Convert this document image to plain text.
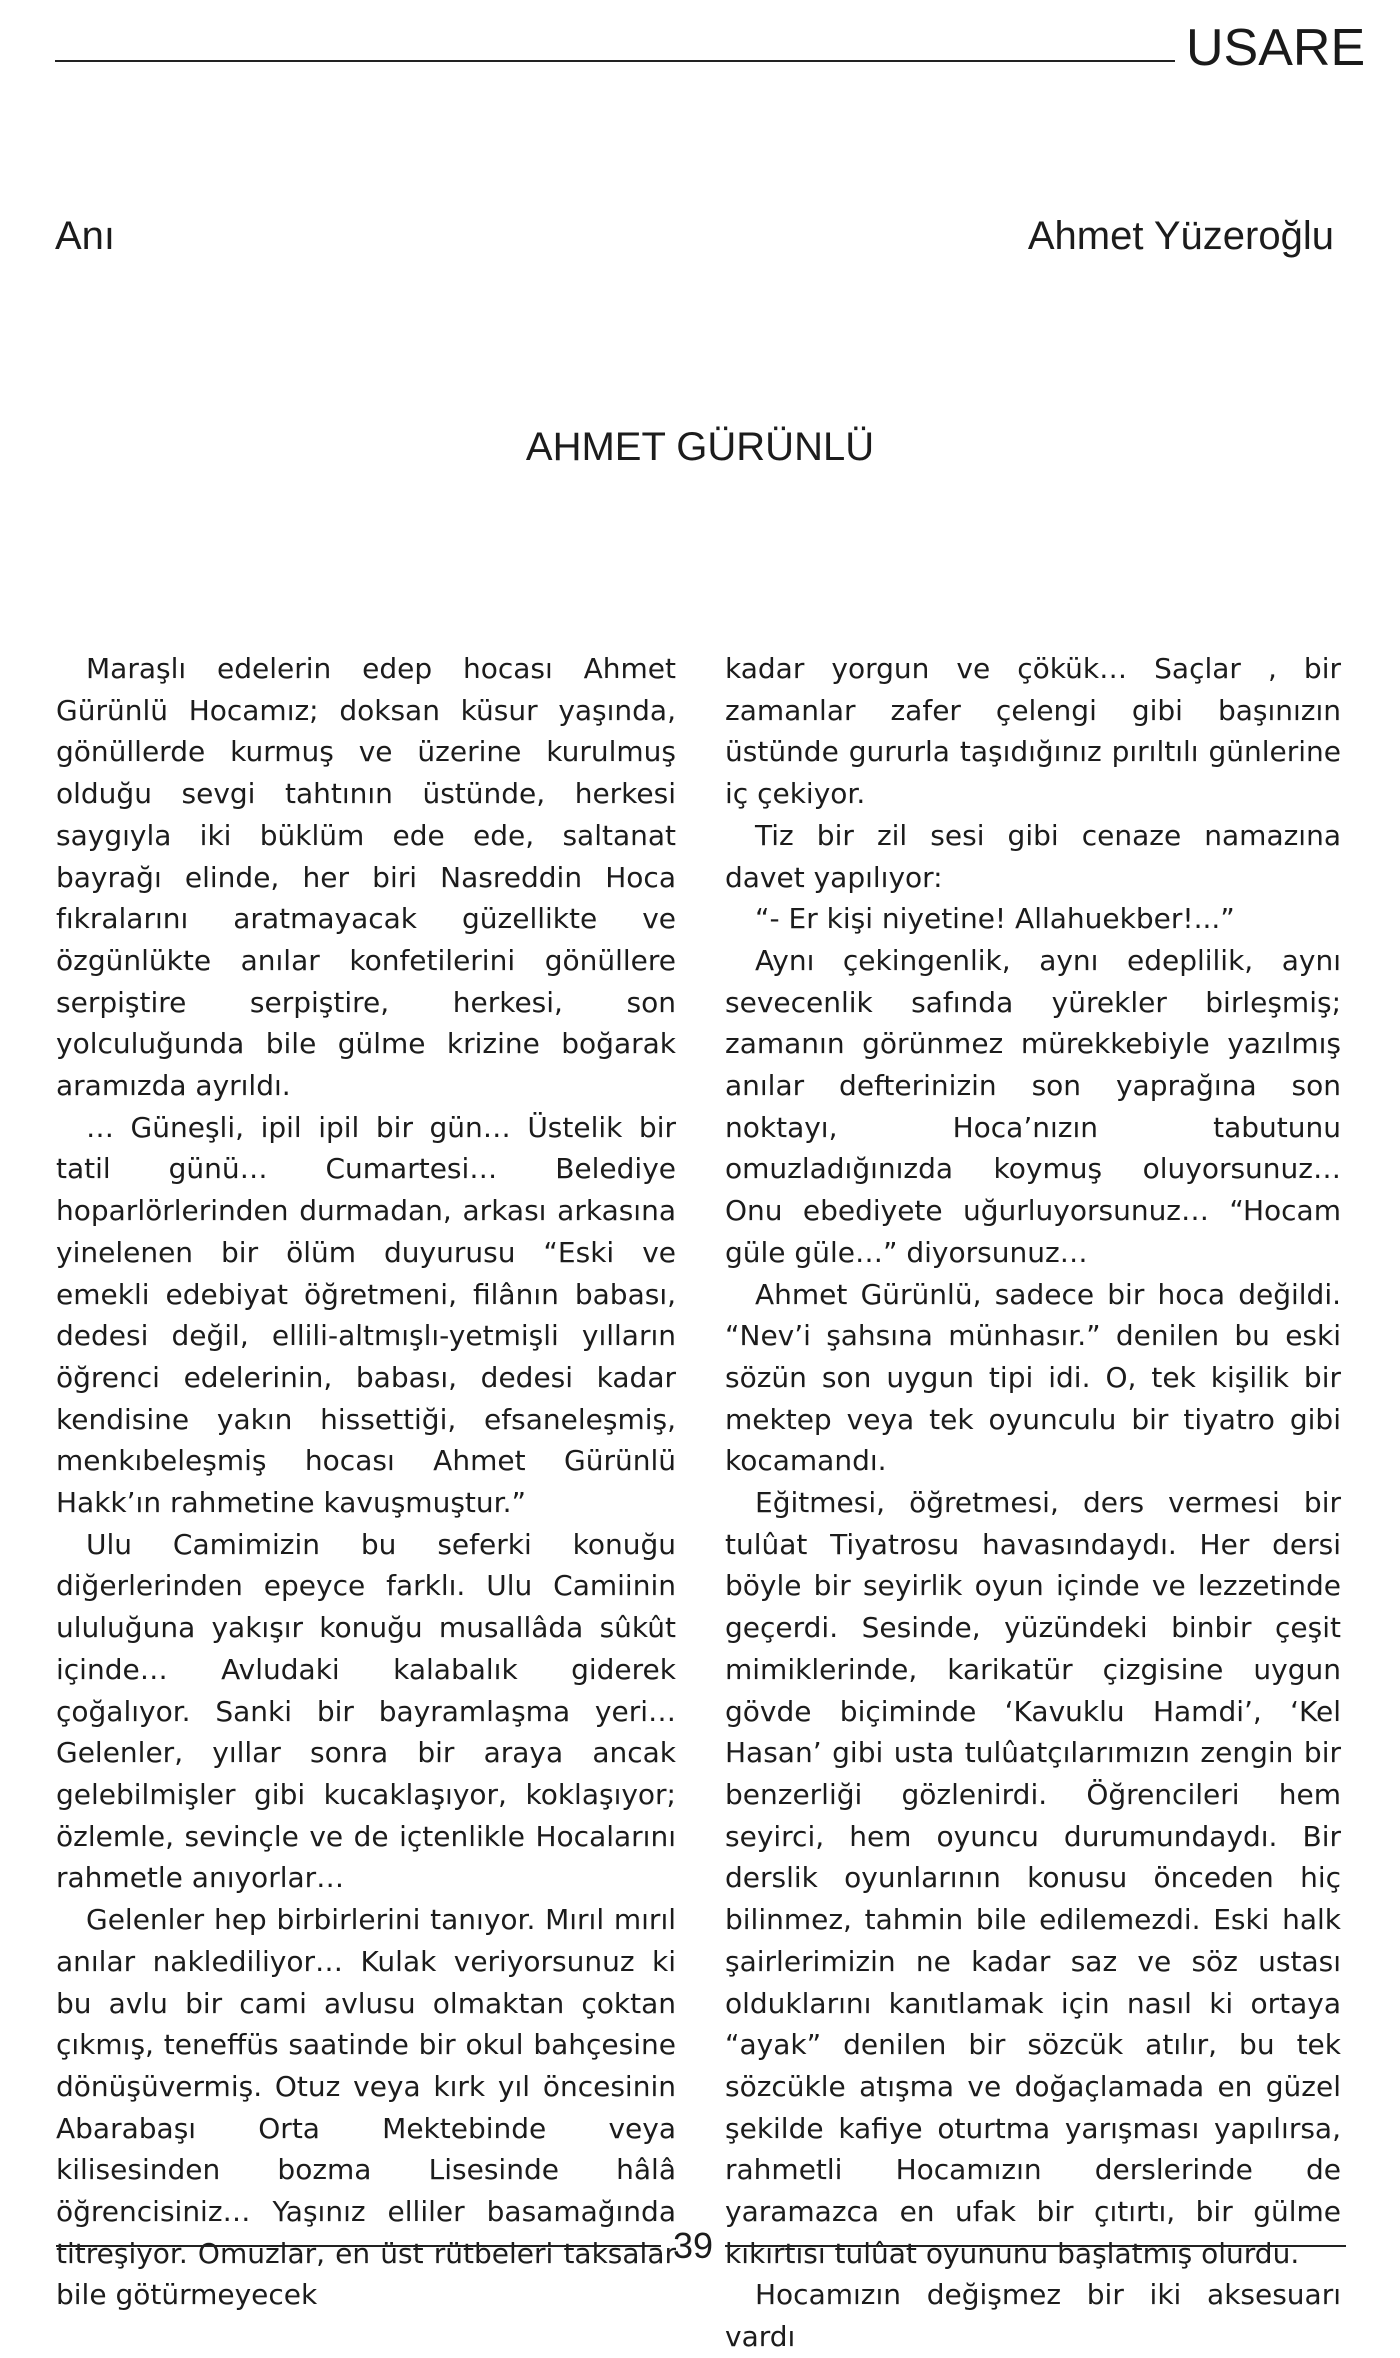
USARE
Anı	Ahmet Yüzeroğlu
AHMET GÜRÜNLÜ

Maraşlı edelerin edep hocası Ahmet Gürünlü Hocamız; doksan küsur yaşında, gönüllerde kurmuş ve üzerine kurulmuş olduğu sevgi tahtının üstünde, herkesi saygıyla iki büklüm ede ede, saltanat bayrağı elinde, her biri Nasreddin Hoca fıkralarını aratmayacak güzellikte ve özgünlükte anılar konfetilerini gönüllere serpiştire serpiştire, herkesi, son yolculuğunda bile gülme krizine boğarak aramızda ayrıldı.

… Güneşli, ipil ipil bir gün… Üstelik bir tatil günü… Cumartesi… Belediye hoparlörlerinden durmadan, arkası arkasına yinelenen bir ölüm duyurusu “Eski ve emekli edebiyat öğretmeni, filânın babası, dedesi değil, ellili-altmışlı-yetmişli yılların öğrenci edelerinin, babası, dedesi kadar kendisine yakın hissettiği, efsaneleşmiş, menkıbeleşmiş hocası Ahmet Gürünlü Hakk’ın rahmetine kavuşmuştur.”

Ulu Camimizin bu seferki konuğu diğerlerinden epeyce farklı. Ulu Camiinin ululuğuna yakışır konuğu musallâda sûkût içinde… Avludaki kalabalık giderek çoğalıyor. Sanki bir bayramlaşma yeri… Gelenler, yıllar sonra bir araya ancak gelebilmişler gibi kucaklaşıyor, koklaşıyor; özlemle, sevinçle ve de içtenlikle Hocalarını rahmetle anıyorlar…

Gelenler hep birbirlerini tanıyor. Mırıl mırıl anılar naklediliyor… Kulak veriyorsunuz ki bu avlu bir cami avlusu olmaktan çoktan çıkmış, teneffüs saatinde bir okul bahçesine dönüşüvermiş. Otuz veya kırk yıl öncesinin Abarabaşı Orta Mektebinde veya kilisesinden bozma Lisesinde hâlâ öğrencisiniz… Yaşınız elliler basamağında titreşiyor. Omuzlar, en üst rütbeleri taksalar bile götürmeyecek

kadar yorgun ve çökük… Saçlar , bir zamanlar zafer çelengi gibi başınızın üstünde gururla taşıdığınız pırıltılı günlerine iç çekiyor.

Tiz bir zil sesi gibi cenaze namazına davet yapılıyor:

“- Er kişi niyetine! Allahuekber!...”

Aynı çekingenlik, aynı edeplilik, aynı sevecenlik safında yürekler birleşmiş; zamanın görünmez mürekkebiyle yazılmış anılar defterinizin son yaprağına son noktayı, Hoca’nızın tabutunu omuzladığınızda koymuş oluyorsunuz… Onu ebediyete uğurluyorsunuz… “Hocam güle güle…” diyorsunuz…

Ahmet Gürünlü, sadece bir hoca değildi. “Nev’i şahsına münhasır.” denilen bu eski sözün son uygun tipi idi. O, tek kişilik bir mektep veya tek oyunculu bir tiyatro gibi kocamandı.

Eğitmesi, öğretmesi, ders vermesi bir tulûat Tiyatrosu havasındaydı. Her dersi böyle bir seyirlik oyun içinde ve lezzetinde geçerdi. Sesinde, yüzündeki binbir çeşit mimiklerinde, karikatür çizgisine uygun gövde biçiminde ‘Kavuklu Hamdi’, ‘Kel Hasan’ gibi usta tulûatçılarımızın zengin bir benzerliği gözlenirdi. Öğrencileri hem seyirci, hem oyuncu durumundaydı. Bir derslik oyunlarının konusu önceden hiç bilinmez, tahmin bile edilemezdi. Eski halk şairlerimizin ne kadar saz ve söz ustası olduklarını kanıtlamak için nasıl ki ortaya “ayak” denilen bir sözcük atılır, bu tek sözcükle atışma ve doğaçlamada en güzel şekilde kafiye oturtma yarışması yapılırsa, rahmetli Hocamızın derslerinde de yaramazca en ufak bir çıtırtı, bir gülme kıkırtısı tulûat oyununu başlatmış olurdu.

Hocamızın değişmez bir iki aksesuarı vardı

39
